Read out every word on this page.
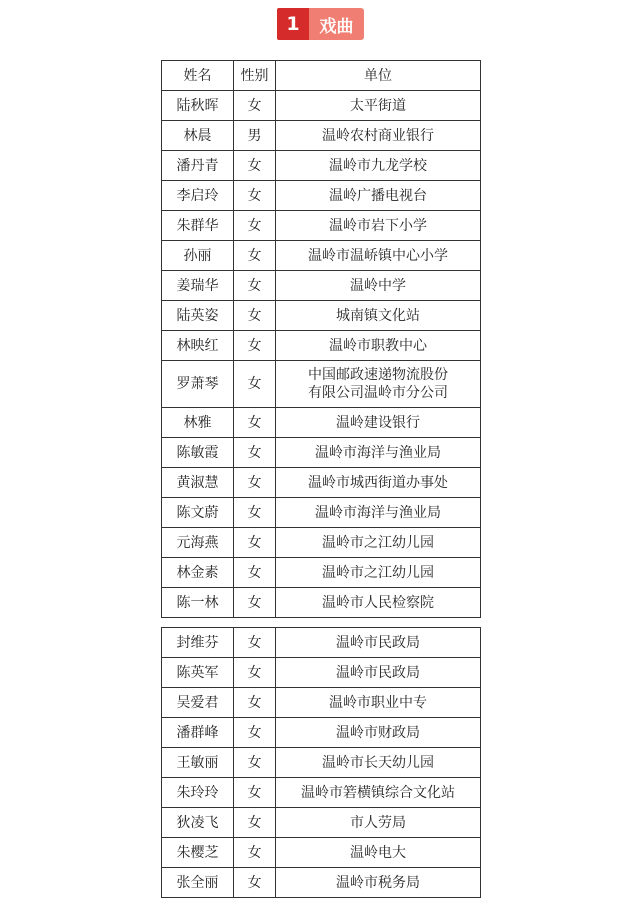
1	戏曲
姓名	性别	单位
陆秋晖	女	太平街道
林晨	男	温岭农村商业银行
潘丹青	女	温岭市九龙学校
李启玲	女	温岭广播电视台
朱群华	女	温岭市岩下小学
孙丽	女	温岭市温峤镇中心小学
姜瑞华	女	温岭中学
陆英姿	女	城南镇文化站
林映红	女	温岭市职教中心
罗萧琴	女	中国邮政速递物流股份
有限公司温岭市分公司

林雅	女	温岭建设银行
陈敏霞	女	温岭市海洋与渔业局
黄淑慧	女	温岭市城西街道办事处
陈文蔚	女	温岭市海洋与渔业局
元海燕	女	温岭市之江幼儿园
林金素	女	温岭市之江幼儿园
陈一林	女	温岭市人民检察院

封维芬	女	温岭市民政局
陈英军	女	温岭市民政局
吴爱君	女	温岭市职业中专
潘群峰	女	温岭市财政局
王敏丽	女	温岭市长天幼儿园
朱玲玲	女	温岭市箬横镇综合文化站
狄凌飞	女	市人劳局
朱樱芝	女	温岭电大
张全丽	女	温岭市税务局
